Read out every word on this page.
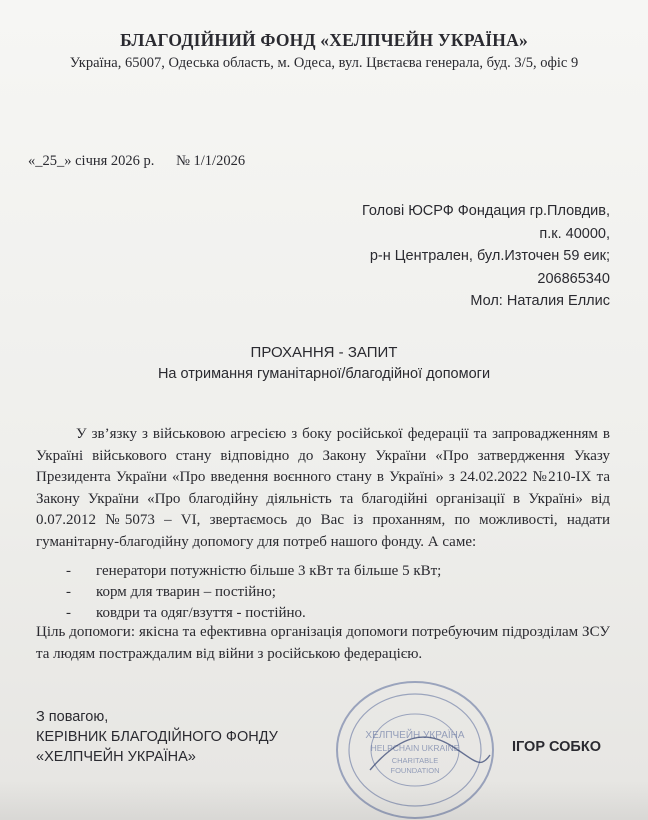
БЛАГОДІЙНИЙ ФОНД «ХЕЛПЧЕЙН УКРАЇНА»
Україна, 65007, Одеська область, м. Одеса, вул. Цвєтаєва генерала, буд. 3/5, офіс 9
«_25_» січня 2026 р. № 1/1/2026
Голові ЮСРФ Фондация гр.Пловдив,
п.к. 40000,
р-н Централен, бул.Източен 59 еик;
206865340
Мол: Наталия Еллис
ПРОХАННЯ - ЗАПИТ
На отримання гуманітарної/благодійної допомоги

У зв’язку з військовою агресією з боку російської федерації та запровадженням в Україні військового стану відповідно до Закону України «Про затвердження Указу Президента України «Про введення воєнного стану в Україні» з 24.02.2022 №210-IX та Закону України «Про благодійну діяльність та благодійні організації в Україні» від 0.07.2012 №5073 – VI, звертаємось до Вас із проханням, по можливості, надати гуманітарну-благодійну допомогу для потреб нашого фонду. А саме:

- генератори потужністю більше 3 кВт та більше 5 кВт;
- корм для тварин – постійно;
- ковдри та одяг/взуття - постійно.
Ціль допомоги: якісна та ефективна організація допомоги потребуючим підрозділам ЗСУ та людям постраждалим від війни з російською федерацією.
ХЕЛПЧЕЙН УКРАЇНА
HELPCHAIN UKRAINE
CHARITABLE
FOUNDATION
З повагою,
КЕРІВНИК БЛАГОДІЙНОГО ФОНДУ
«ХЕЛПЧЕЙН УКРАЇНА»
ІГОР СОБКО
